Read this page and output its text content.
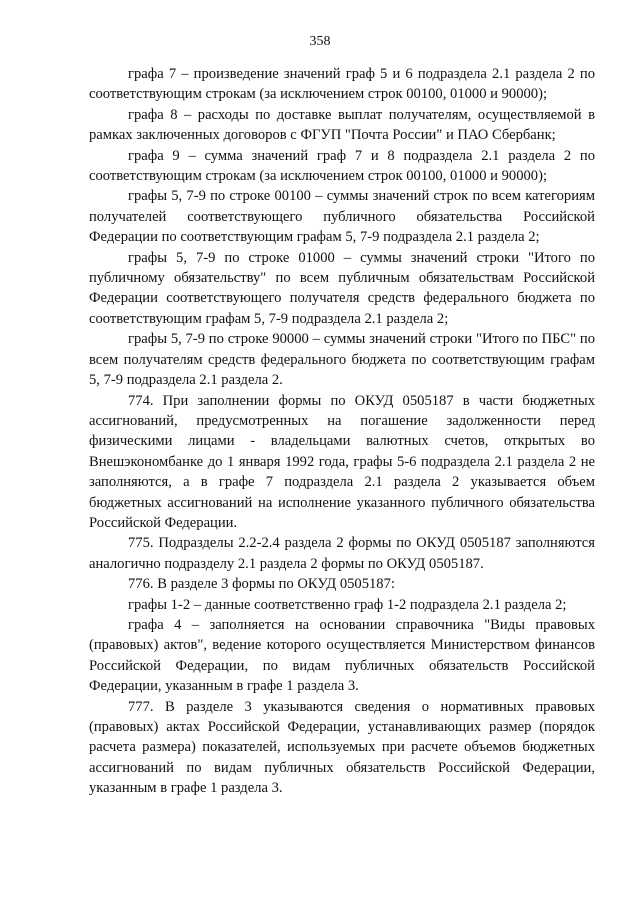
358

графа 7 – произведение значений граф 5 и 6 подраздела 2.1 раздела 2 по соответствующим строкам (за исключением строк 00100, 01000 и 90000);

графа 8 – расходы по доставке выплат получателям, осуществляемой в рамках заключенных договоров с ФГУП "Почта России" и ПАО Сбербанк;

графа 9 – сумма значений граф 7 и 8 подраздела 2.1 раздела 2 по соответствующим строкам (за исключением строк 00100, 01000 и 90000);

графы 5, 7-9 по строке 00100 – суммы значений строк по всем категориям получателей соответствующего публичного обязательства Российской Федерации по соответствующим графам 5, 7-9 подраздела 2.1 раздела 2;

графы 5, 7-9 по строке 01000 – суммы значений строки "Итого по публичному обязательству" по всем публичным обязательствам Российской Федерации соответствующего получателя средств федерального бюджета по соответствующим графам 5, 7-9 подраздела 2.1 раздела 2;

графы 5, 7-9 по строке 90000 – суммы значений строки "Итого по ПБС" по всем получателям средств федерального бюджета по соответствующим графам 5, 7-9 подраздела 2.1 раздела 2.

774. При заполнении формы по ОКУД 0505187 в части бюджетных ассигнований, предусмотренных на погашение задолженности перед физическими лицами - владельцами валютных счетов, открытых во Внешэкономбанке до 1 января 1992 года, графы 5-6 подраздела 2.1 раздела 2 не заполняются, а в графе 7 подраздела 2.1 раздела 2 указывается объем бюджетных ассигнований на исполнение указанного публичного обязательства Российской Федерации.

775. Подразделы 2.2-2.4 раздела 2 формы по ОКУД 0505187 заполняются аналогично подразделу 2.1 раздела 2 формы по ОКУД 0505187.

776. В разделе 3 формы по ОКУД 0505187:

графы 1-2 – данные соответственно граф 1-2 подраздела 2.1 раздела 2;

графа 4 – заполняется на основании справочника "Виды правовых (правовых) актов", ведение которого осуществляется Министерством финансов Российской Федерации, по видам публичных обязательств Российской Федерации, указанным в графе 1 раздела 3.

777. В разделе 3 указываются сведения о нормативных правовых (правовых) актах Российской Федерации, устанавливающих размер (порядок расчета размера) показателей, используемых при расчете объемов бюджетных ассигнований по видам публичных обязательств Российской Федерации, указанным в графе 1 раздела 3.
